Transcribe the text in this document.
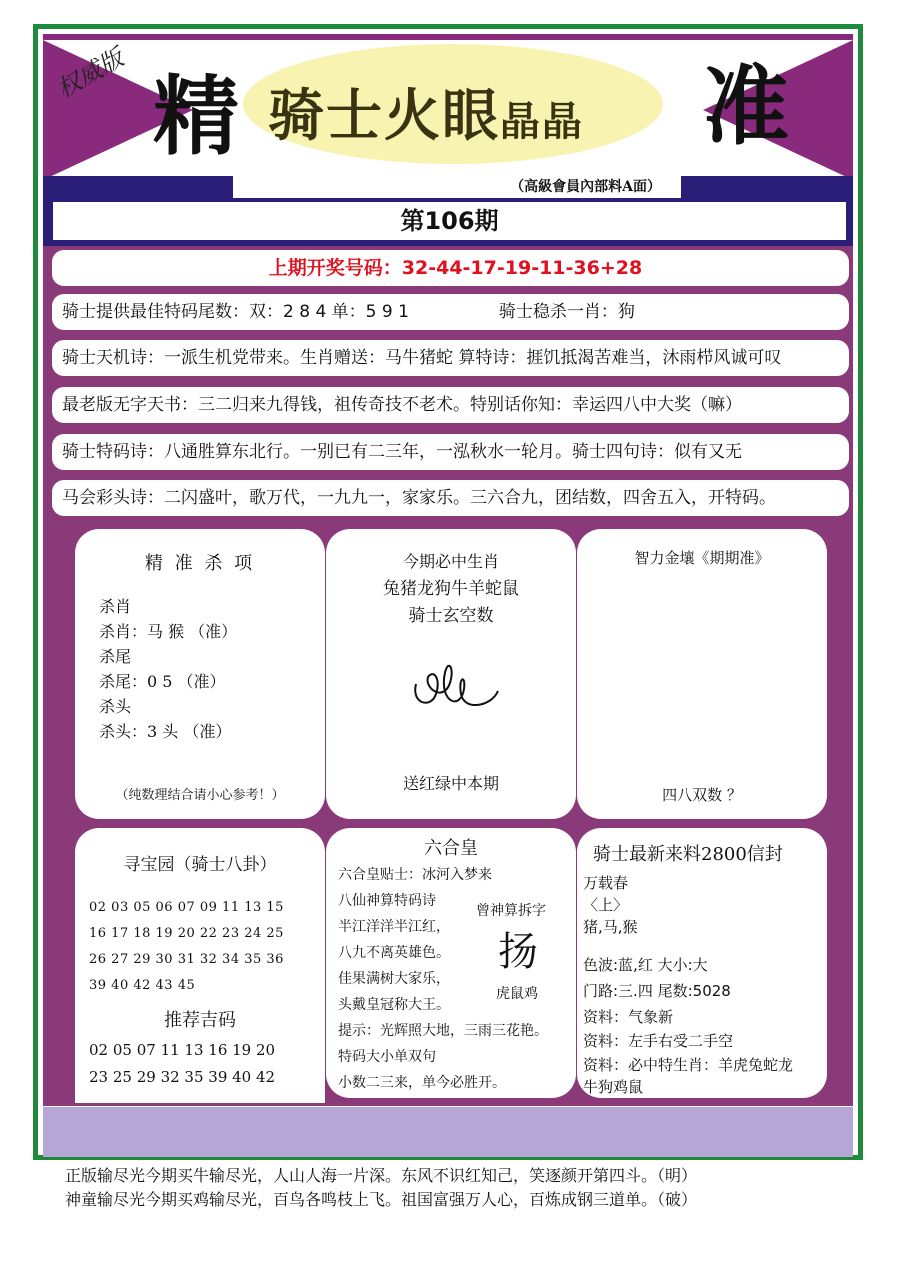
权威版 精 骑士火眼晶晶 准
（高級會員內部料A面）
第106期
上期开奖号码：32-44-17-19-11-36+28
骑士提供最佳特码尾数：双：2 8 4 单：5 9 1	骑士稳杀一肖：狗
骑士天机诗：一派生机党带来。生肖赠送：马牛猪蛇 算特诗：捱饥抵渴苦难当，沐雨栉风诚可叹
最老版无字天书：三二归来九得钱，祖传奇技不老术。特别话你知：幸运四八中大奖（嘛）
骑士特码诗：八通胜算东北行。一别已有二三年，一泓秋水一轮月。骑士四句诗：似有又无
马会彩头诗：二闪盛叶，歌万代，一九九一，家家乐。三六合九，团结数，四舍五入，开特码。
精 准 杀 项
杀肖
杀肖：马 猴 （准）
杀尾
杀尾：0 5 （准）
杀头
杀头：3 头 （准）
（纯数理结合请小心参考！）
今期必中生肖
兔猪龙狗牛羊蛇鼠
骑士玄空数
送红绿中本期
智力金壤《期期准》
四八双数 ？
寻宝园（骑士八卦）
02 03 05 06 07 09 11 13 15
16 17 18 19 20 22 23 24 25
26 27 29 30 31 32 34 35 36
39 40 42 43 45
推荐吉码
02 05 07 11 13 16 19 20
23 25 29 32 35 39 40 42
六合皇
六合皇贴士：冰河入梦来
八仙神算特码诗
半江洋洋半江红，
八九不离英雄色。
佳果满树大家乐，
头戴皇冠称大王。
提示：光辉照大地，三雨三花艳。
特码大小单双句
小数二三来，单今必胜开。
曾神算拆字
扬
虎鼠鸡
骑士最新来料2800信封
万载春
〈上〉
猪,马,猴
色波:蓝,红 大小:大
门路:三.四 尾数:5028
资料：气象新
资料：左手右受二手空
资料：必中特生肖：羊虎兔蛇龙
牛狗鸡鼠
正版输尽光今期买牛输尽光，人山人海一片深。东风不识红知己，笑逐颜开第四斗。（明）
神童输尽光今期买鸡输尽光，百鸟各鸣枝上飞。祖国富强万人心，百炼成钢三道单。（破）
